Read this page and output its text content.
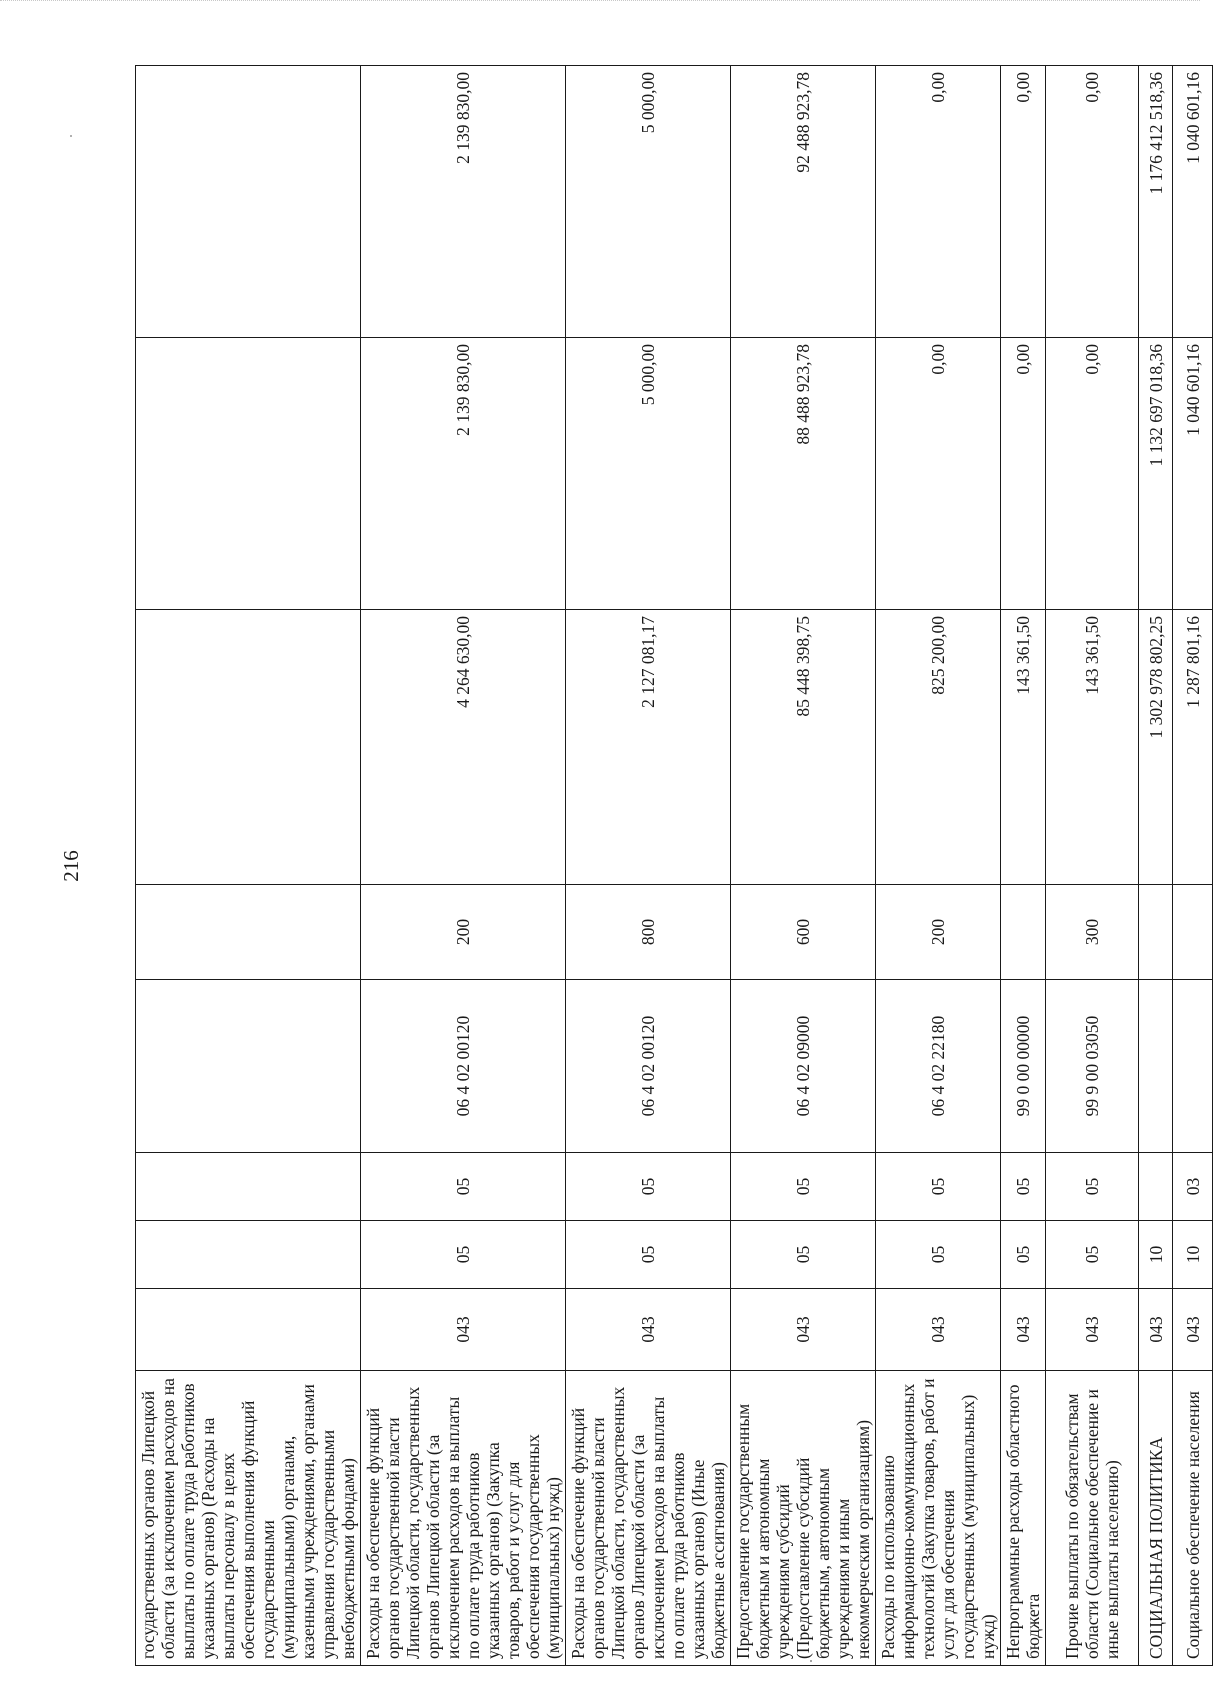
216
государственных органов Липецкой области (за исключением расходов на выплаты по оплате труда работников указанных органов) (Расходы на выплаты персоналу в целях обеспечения выполнения функций государственными (муниципальными) органами, казенными учреждениями, органами управления государственными внебюджетными фондами)								
Расходы на обеспечение функций органов государственной власти Липецкой области, государственных органов Липецкой области (за исключением расходов на выплаты по оплате труда работников указанных органов) (Закупка товаров, работ и услуг для обеспечения государственных (муниципальных) нужд)	043	05	05	06 4 02 00120	200	4 264 630,00	2 139 830,00	2 139 830,00
Расходы на обеспечение функций органов государственной власти Липецкой области, государственных органов Липецкой области (за исключением расходов на выплаты по оплате труда работников указанных органов) (Иные бюджетные ассигнования)	043	05	05	06 4 02 00120	800	2 127 081,17	5 000,00	5 000,00
Предоставление государственным бюджетным и автономным учреждениям субсидий (Предоставление субсидий бюджетным, автономным учреждениям и иным некоммерческим организациям)	043	05	05	06 4 02 09000	600	85 448 398,75	88 488 923,78	92 488 923,78
Расходы по использованию информационно-коммуникационных технологий (Закупка товаров, работ и услуг для обеспечения государственных (муниципальных) нужд)	043	05	05	06 4 02 22180	200	825 200,00	0,00	0,00
Непрограммные расходы областного бюджета	043	05	05	99 0 00 00000		143 361,50	0,00	0,00
Прочие выплаты по обязательствам области (Социальное обеспечение и иные выплаты населению)	043	05	05	99 9 00 03050	300	143 361,50	0,00	0,00
СОЦИАЛЬНАЯ ПОЛИТИКА	043	10				1 302 978 802,25	1 132 697 018,36	1 176 412 518,36
Социальное обеспечение населения	043	10	03			1 287 801,16	1 040 601,16	1 040 601,16
